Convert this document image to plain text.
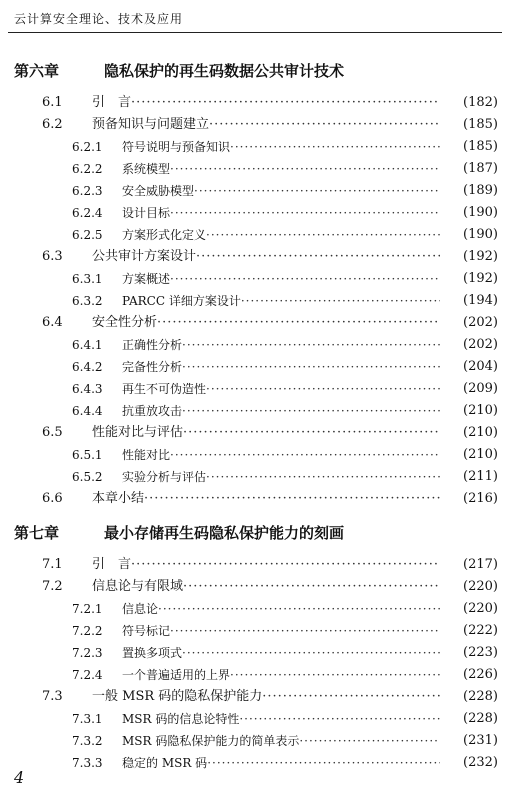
云计算安全理论、技术及应用
第六章	隐私保护的再生码数据公共审计技术
6.1 引　言 ·····	(182)
6.2 预备知识与问题建立 ·····	(185)
6.2.1 符号说明与预备知识 ·····	(185)
6.2.2 系统模型 ·····	(187)
6.2.3 安全威胁模型 ·····	(189)
6.2.4 设计目标 ·····	(190)
6.2.5 方案形式化定义 ·····	(190)
6.3 公共审计方案设计 ·····	(192)
6.3.1 方案概述 ·····	(192)
6.3.2 PARCC 详细方案设计 ·····	(194)
6.4 安全性分析 ·····	(202)
6.4.1 正确性分析 ·····	(202)
6.4.2 完备性分析 ·····	(204)
6.4.3 再生不可伪造性 ·····	(209)
6.4.4 抗重放攻击 ·····	(210)
6.5 性能对比与评估 ·····	(210)
6.5.1 性能对比 ·····	(210)
6.5.2 实验分析与评估 ·····	(211)
6.6 本章小结 ·····	(216)
第七章	最小存储再生码隐私保护能力的刻画
7.1 引　言 ·····	(217)
7.2 信息论与有限域 ·····	(220)
7.2.1 信息论 ·····	(220)
7.2.2 符号标记 ·····	(222)
7.2.3 置换多项式 ·····	(223)
7.2.4 一个普遍适用的上界 ·····	(226)
7.3 一般 MSR 码的隐私保护能力 ·····	(228)
7.3.1 MSR 码的信息论特性 ·····	(228)
7.3.2 MSR 码隐私保护能力的简单表示 ·····	(231)
7.3.3 稳定的 MSR 码 ·····	(232)
4
